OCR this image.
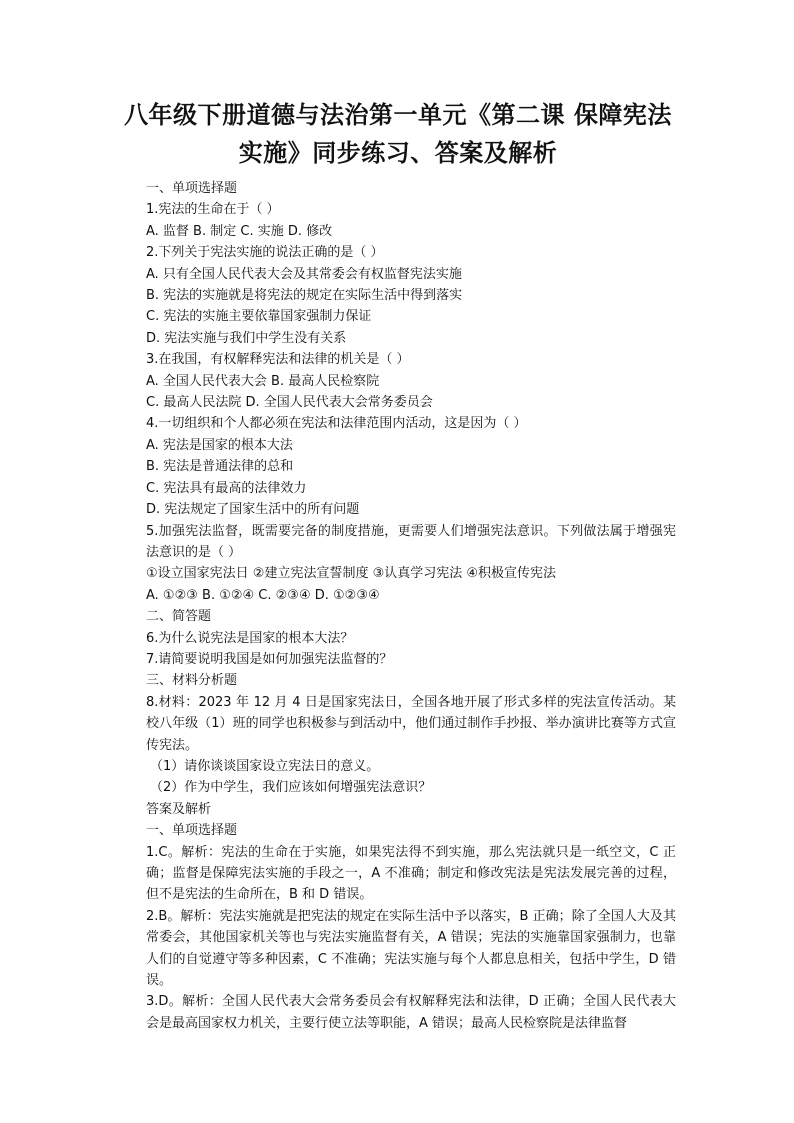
八年级下册道德与法治第一单元《第二课 保障宪法
实施》同步练习、答案及解析
一、单项选择题
1.宪法的生命在于（ ）
A. 监督 B. 制定 C. 实施 D. 修改
2.下列关于宪法实施的说法正确的是（ ）
A. 只有全国人民代表大会及其常委会有权监督宪法实施
B. 宪法的实施就是将宪法的规定在实际生活中得到落实
C. 宪法的实施主要依靠国家强制力保证
D. 宪法实施与我们中学生没有关系
3.在我国，有权解释宪法和法律的机关是（ ）
A. 全国人民代表大会 B. 最高人民检察院
C. 最高人民法院 D. 全国人民代表大会常务委员会
4.一切组织和个人都必须在宪法和法律范围内活动，这是因为（ ）
A. 宪法是国家的根本大法
B. 宪法是普通法律的总和
C. 宪法具有最高的法律效力
D. 宪法规定了国家生活中的所有问题
5.加强宪法监督，既需要完备的制度措施，更需要人们增强宪法意识。下列做法属于增强宪法意识的是（ ）
①设立国家宪法日 ②建立宪法宣誓制度 ③认真学习宪法 ④积极宣传宪法
A. ①②③ B. ①②④ C. ②③④ D. ①②③④
二、简答题
6.为什么说宪法是国家的根本大法？
7.请简要说明我国是如何加强宪法监督的？
三、材料分析题
8.材料：2023 年 12 月 4 日是国家宪法日，全国各地开展了形式多样的宪法宣传活动。某校八年级（1）班的同学也积极参与到活动中，他们通过制作手抄报、举办演讲比赛等方式宣传宪法。
（1）请你谈谈国家设立宪法日的意义。
（2）作为中学生，我们应该如何增强宪法意识？
答案及解析
一、单项选择题
1.C。解析：宪法的生命在于实施，如果宪法得不到实施，那么宪法就只是一纸空文，C 正确；监督是保障宪法实施的手段之一，A 不准确；制定和修改宪法是宪法发展完善的过程，但不是宪法的生命所在，B 和 D 错误。
2.B。解析：宪法实施就是把宪法的规定在实际生活中予以落实，B 正确；除了全国人大及其常委会，其他国家机关等也与宪法实施监督有关，A 错误；宪法的实施靠国家强制力，也靠人们的自觉遵守等多种因素，C 不准确；宪法实施与每个人都息息相关，包括中学生，D 错误。
3.D。解析：全国人民代表大会常务委员会有权解释宪法和法律，D 正确；全国人民代表大会是最高国家权力机关，主要行使立法等职能，A 错误；最高人民检察院是法律监督
